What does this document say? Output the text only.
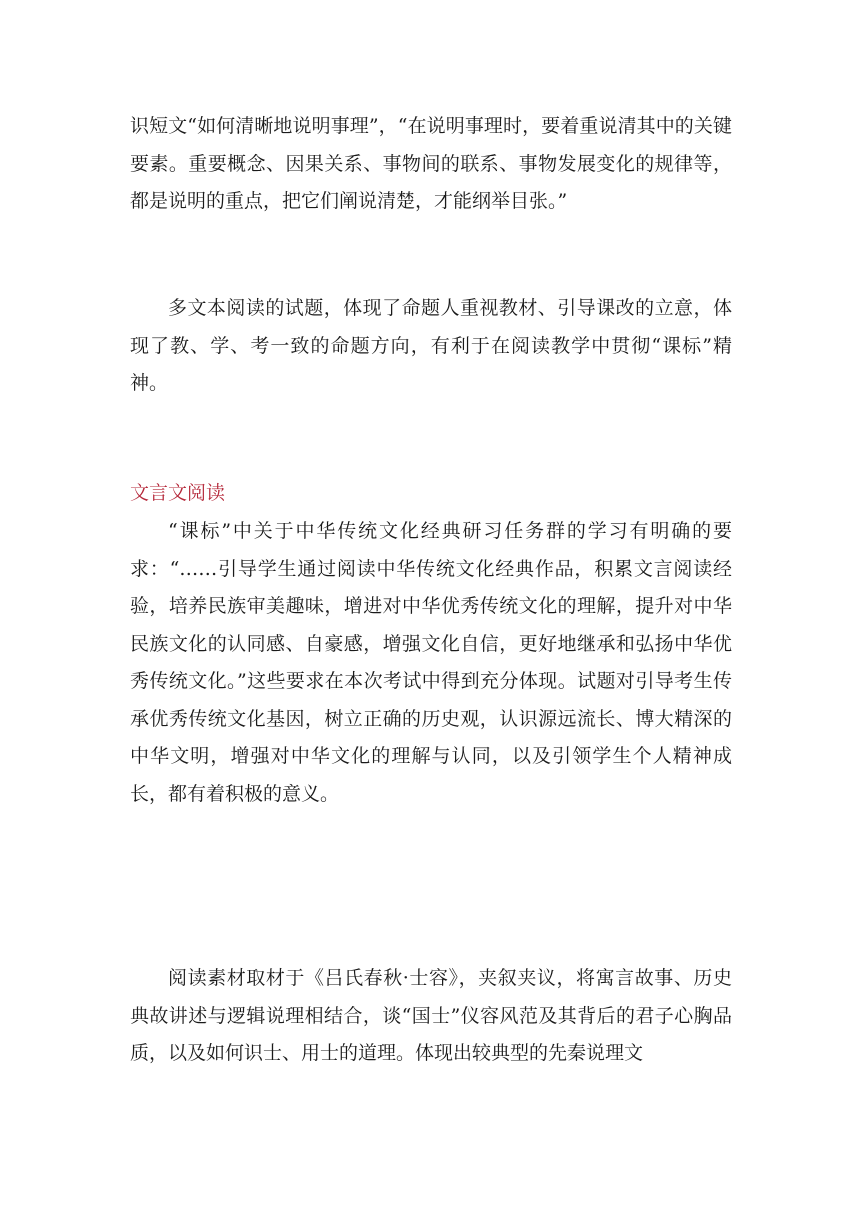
识短文“如何清晰地说明事理”，“在说明事理时，要着重说清其中的关键要素。重要概念、因果关系、事物间的联系、事物发展变化的规律等，都是说明的重点，把它们阐说清楚，才能纲举目张。”

多文本阅读的试题，体现了命题人重视教材、引导课改的立意，体现了教、学、考一致的命题方向，有利于在阅读教学中贯彻“课标”精神。

文言文阅读

“课标”中关于中华传统文化经典研习任务群的学习有明确的要求：“……引导学生通过阅读中华传统文化经典作品，积累文言阅读经验，培养民族审美趣味，增进对中华优秀传统文化的理解，提升对中华民族文化的认同感、自豪感，增强文化自信，更好地继承和弘扬中华优秀传统文化。”这些要求在本次考试中得到充分体现。试题对引导考生传承优秀传统文化基因，树立正确的历史观，认识源远流长、博大精深的中华文明，增强对中华文化的理解与认同，以及引领学生个人精神成长，都有着积极的意义。

阅读素材取材于《吕氏春秋·士容》，夹叙夹议，将寓言故事、历史典故讲述与逻辑说理相结合，谈“国士”仪容风范及其背后的君子心胸品质，以及如何识士、用士的道理。体现出较典型的先秦说理文
